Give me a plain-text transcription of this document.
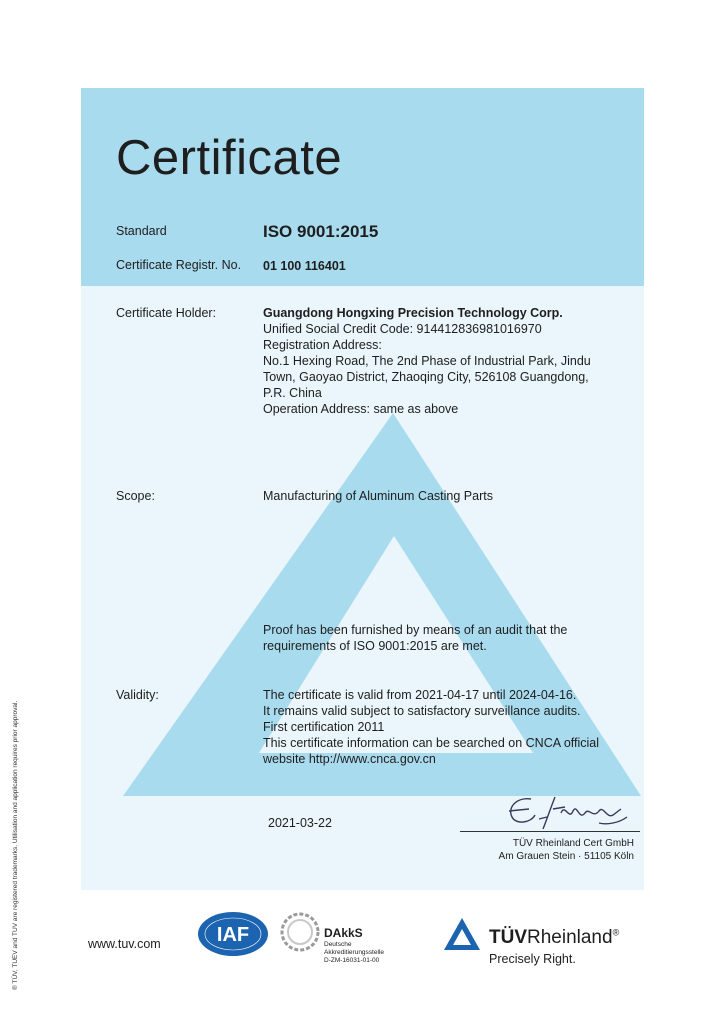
Certificate
Standard	ISO 9001:2015
Certificate Registr. No. 01 100 116401
Certificate Holder:	Guangdong Hongxing Precision Technology Corp.
Unified Social Credit Code: 914412836981016970
Registration Address:
No.1 Hexing Road, The 2nd Phase of Industrial Park, Jindu
Town, Gaoyao District, Zhaoqing City, 526108 Guangdong,
P.R. China
Operation Address: same as above
Scope:	Manufacturing of Aluminum Casting Parts
Proof has been furnished by means of an audit that the
requirements of ISO 9001:2015 are met.
Validity:	The certificate is valid from 2021-04-17 until 2024-04-16.
It remains valid subject to satisfactory surveillance audits.
First certification 2011
This certificate information can be searched on CNCA official
website http://www.cnca.gov.cn
2021-03-22
TÜV Rheinland Cert GmbH
Am Grauen Stein · 51105 Köln
® TÜV, TUEV and TUV are registered trademarks. Utilisation and application requires prior approval.	www.tuv.com	IAF	DAkkS
Deutsche
Akkreditierungsstelle
D-ZM-16031-01-00
TÜVRheinland®
Precisely Right.
